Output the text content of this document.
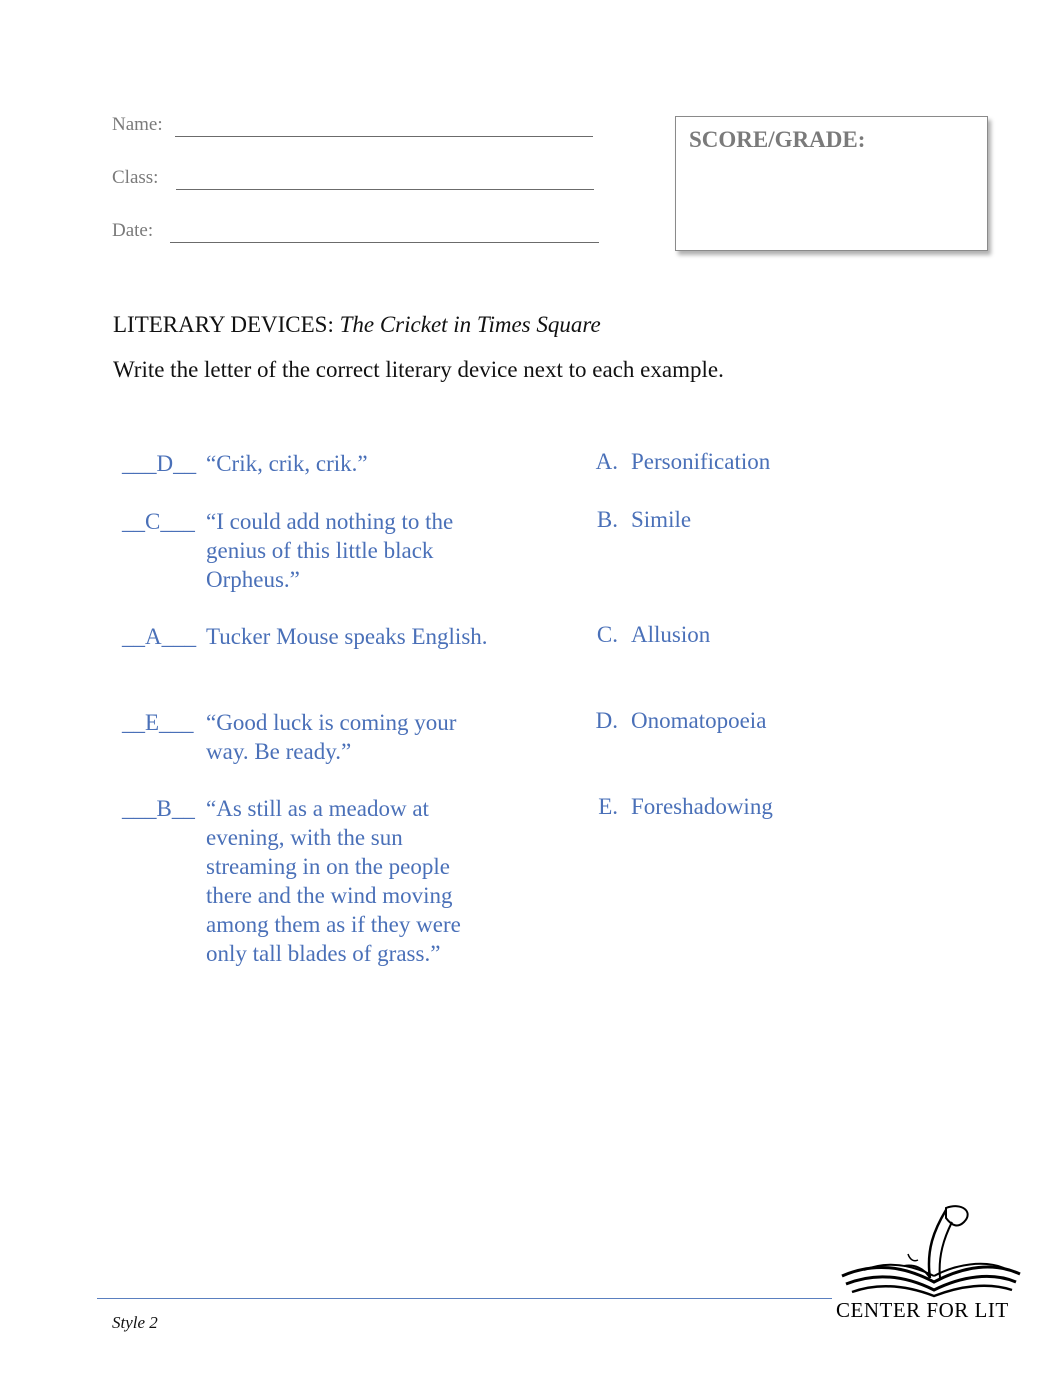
Name:
Class:
Date:
SCORE/GRADE:
LITERARY DEVICES: The Cricket in Times Square
Write the letter of the correct literary device next to each example.
___D__ “Crik, crik, crik.”
__C___ “I could add nothing to the genius of this little black Orpheus.”
__A___ Tucker Mouse speaks English.
__E___ “Good luck is coming your way. Be ready.”
___B__ “As still as a meadow at evening, with the sun streaming in on the people there and the wind moving among them as if they were only tall blades of grass.”
A. Personification
B. Simile
C. Allusion
D. Onomatopoeia
E. Foreshadowing
Style 2
CENTER FOR LIT
